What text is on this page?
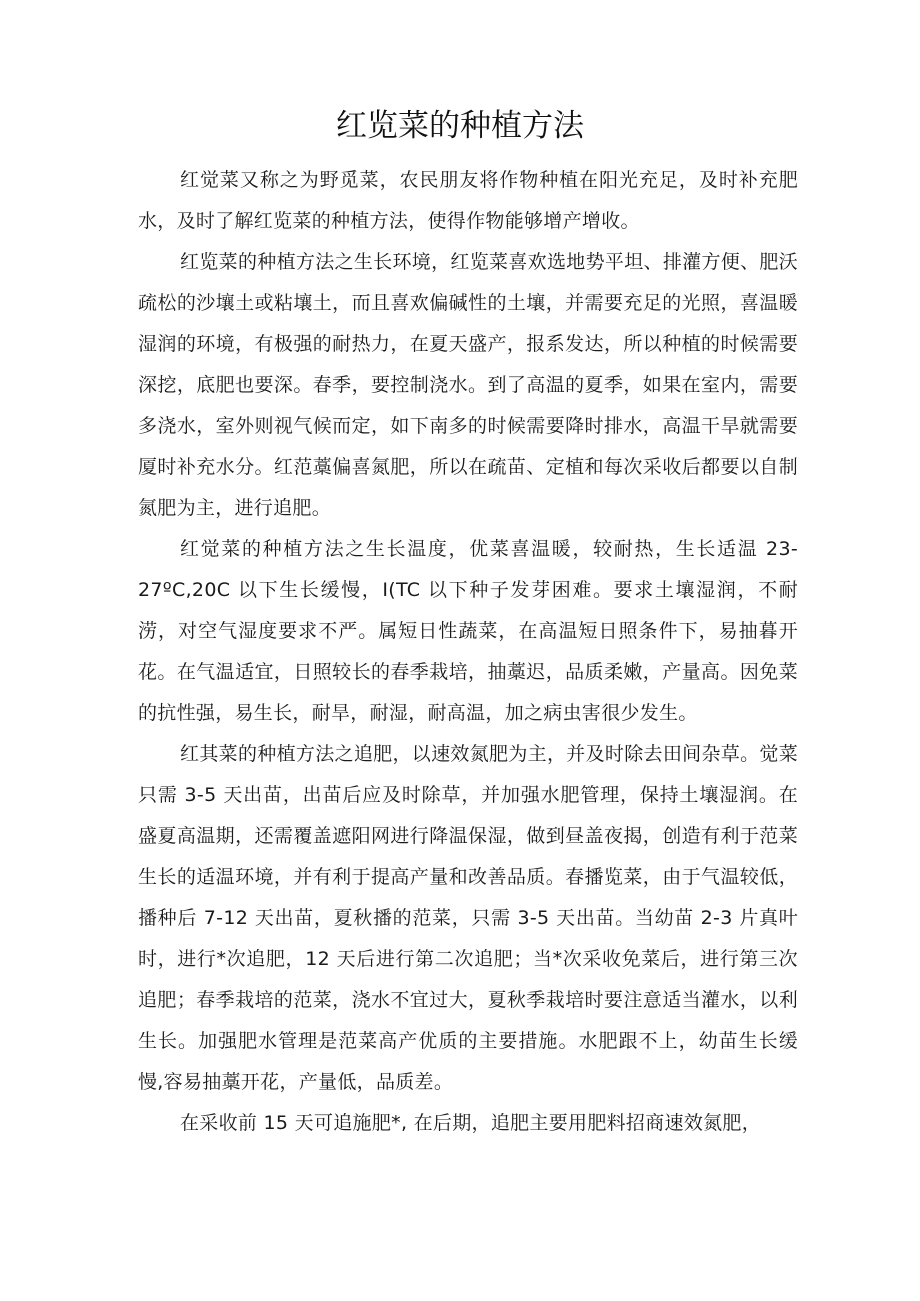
红览菜的种植方法

红觉菜又称之为野觅菜，农民朋友将作物种植在阳光充足，及时补充肥水，及时了解红览菜的种植方法，使得作物能够增产增收。

红览菜的种植方法之生长环境，红览菜喜欢选地势平坦、排灌方便、肥沃疏松的沙壤土或粘壤土，而且喜欢偏碱性的土壤，并需要充足的光照，喜温暖湿润的环境，有极强的耐热力，在夏天盛产，报系发达，所以种植的时候需要深挖，底肥也要深。春季，要控制浇水。到了高温的夏季，如果在室内，需要多浇水，室外则视气候而定，如下南多的时候需要降时排水，高温干旱就需要厦时补充水分。红范藁偏喜氮肥，所以在疏苗、定植和每次采收后都要以自制氮肥为主，进行追肥。

红觉菜的种植方法之生长温度，优菜喜温暖，较耐热，生长适温 23-27ºC,20C 以下生长缓慢，I(TC 以下种子发芽困难。要求土壤湿润，不耐涝，对空气湿度要求不严。属短日性蔬菜，在高温短日照条件下，易抽暮开花。在气温适宜，日照较长的春季栽培，抽藁迟，品质柔嫩，产量高。因免菜的抗性强，易生长，耐旱，耐湿，耐高温，加之病虫害很少发生。

红其菜的种植方法之追肥，以速效氮肥为主，并及时除去田间杂草。觉菜只需 3-5 天出苗，出苗后应及时除草，并加强水肥管理，保持土壤湿润。在盛夏高温期，还需覆盖遮阳网进行降温保湿，做到昼盖夜揭，创造有利于范菜生长的适温环境，并有利于提高产量和改善品质。春播览菜，由于气温较低，播种后 7-12 天出苗，夏秋播的范菜，只需 3-5 天出苗。当幼苗 2-3 片真叶时，进行*次追肥，12 天后进行第二次追肥；当*次采收免菜后，进行第三次追肥；春季栽培的范菜，浇水不宜过大，夏秋季栽培时要注意适当灌水，以利生长。加强肥水管理是范菜高产优质的主要措施。水肥跟不上，幼苗生长缓慢,容易抽藁开花，产量低，品质差。

在采收前 15 天可追施肥*, 在后期，追肥主要用肥料招商速效氮肥，
